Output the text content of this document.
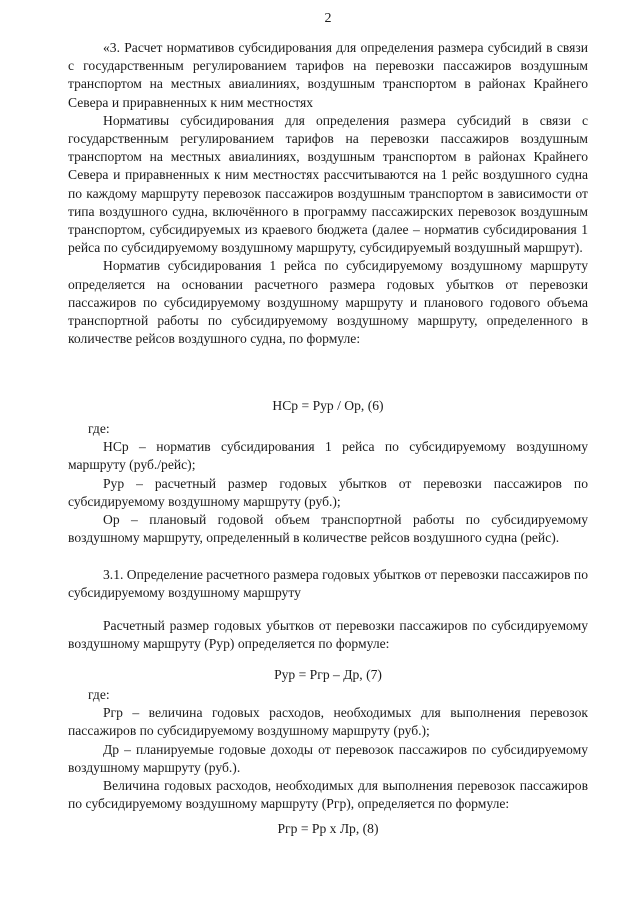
2

«3. Расчет нормативов субсидирования для определения размера субсидий в связи с государственным регулированием тарифов на перевозки пассажиров воздушным транспортом на местных авиалиниях, воздушным транспортом в районах Крайнего Севера и приравненных к ним местностях

Нормативы субсидирования для определения размера субсидий в связи с государственным регулированием тарифов на перевозки пассажиров воздушным транспортом на местных авиалиниях, воздушным транспортом в районах Крайнего Севера и приравненных к ним местностях рассчитываются на 1 рейс воздушного судна по каждому маршруту перевозок пассажиров воздушным транспортом в зависимости от типа воздушного судна, включённого в программу пассажирских перевозок воздушным транспортом, субсидируемых из краевого бюджета (далее – норматив субсидирования 1 рейса по субсидируемому воздушному маршруту, субсидируемый воздушный маршрут).

Норматив субсидирования 1 рейса по субсидируемому воздушному маршруту определяется на основании расчетного размера годовых убытков от перевозки пассажиров по субсидируемому воздушному маршруту и планового годового объема транспортной работы по субсидируемому воздушному маршруту, определенного в количестве рейсов воздушного судна, по формуле:

НСр = Рур / Ор, (6)

где:

НСр – норматив субсидирования 1 рейса по субсидируемому воздушному маршруту (руб./рейс);

Рур – расчетный размер годовых убытков от перевозки пассажиров по субсидируемому воздушному маршруту (руб.);

Ор – плановый годовой объем транспортной работы по субсидируемому воздушному маршруту, определенный в количестве рейсов воздушного судна (рейс).

3.1. Определение расчетного размера годовых убытков от перевозки пассажиров по субсидируемому воздушному маршруту

Расчетный размер годовых убытков от перевозки пассажиров по субсидируемому воздушному маршруту (Рур) определяется по формуле:

Рур = Ргр – Др, (7)

где:

Ргр – величина годовых расходов, необходимых для выполнения перевозок пассажиров по субсидируемому воздушному маршруту (руб.);

Др – планируемые годовые доходы от перевозок пассажиров по субсидируемому воздушному маршруту (руб.).

Величина годовых расходов, необходимых для выполнения перевозок пассажиров по субсидируемому воздушному маршруту (Ргр), определяется по формуле:

Ргр = Рр х Лр, (8)
